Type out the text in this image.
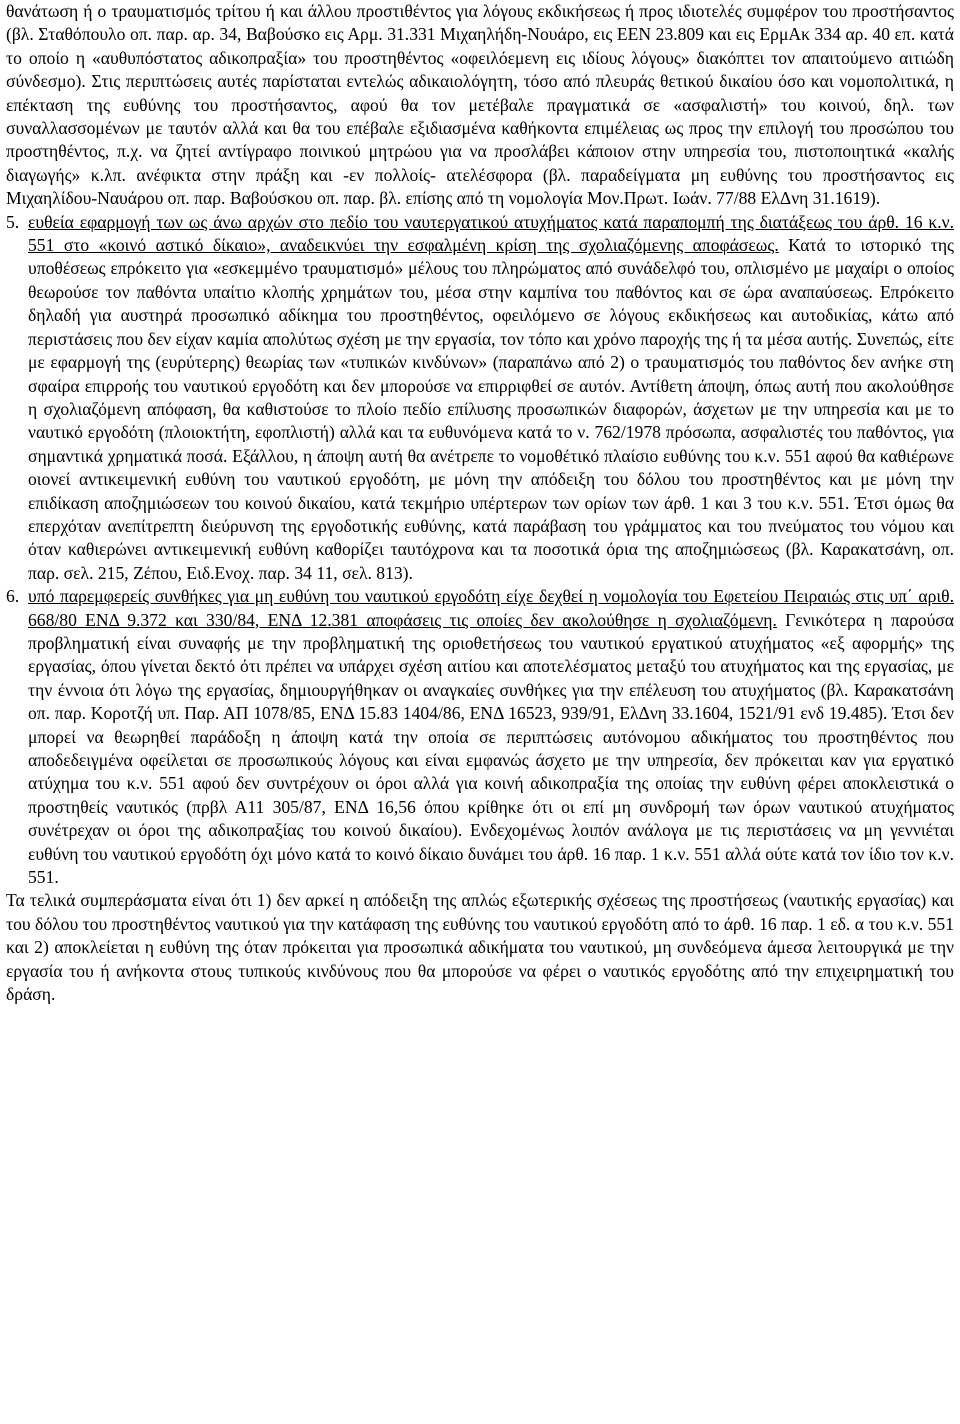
θανάτωση ή ο τραυματισμός τρίτου ή και άλλου προστιθέντος για λόγους εκδικήσεως ή προς ιδιοτελές συμφέρον του προστήσαντος (βλ. Σταθόπουλο οπ. παρ. αρ. 34, Βαβούσκο εις Αρμ. 31.331 Μιχαηλήδη-Νουάρο, εις ΕΕΝ 23.809 και εις ΕρμΑκ 334 αρ. 40 επ. κατά το οποίο η «αυθυπόστατος αδικοπραξία» του προστηθέντος «οφειλόεμενη εις ιδίους λόγους» διακόπτει τον απαιτούμενο αιτιώδη σύνδεσμο). Στις περιπτώσεις αυτές παρίσταται εντελώς αδικαιολόγητη, τόσο από πλευράς θετικού δικαίου όσο και νομοπολιτικά, η επέκταση της ευθύνης του προστήσαντος, αφού θα τον μετέβαλε πραγματικά σε «ασφαλιστή» του κοινού, δηλ. των συναλλασσομένων με ταυτόν αλλά και θα του επέβαλε εξιδιασμένα καθήκοντα επιμέλειας ως προς την επιλογή του προσώπου του προστηθέντος, π.χ. να ζητεί αντίγραφο ποινικού μητρώου για να προσλάβει κάποιον στην υπηρεσία του, πιστοποιητικά «καλής διαγωγής» κ.λπ. ανέφικτα στην πράξη και -εν πολλοίς- ατελέσφορα (βλ. παραδείγματα μη ευθύνης του προστήσαντος εις Μιχαηλίδου-Ναυάρου οπ. παρ. Βαβούσκου οπ. παρ. βλ. επίσης από τη νομολογία Μον.Πρωτ. Ιωάν. 77/88 ΕλΔνη 31.1619).

5. ευθεία εφαρμογή των ως άνω αρχών στο πεδίο του ναυτεργατικού ατυχήματος κατά παραπομπή της διατάξεως του άρθ. 16 κ.ν. 551 στο «κοινό αστικό δίκαιο», αναδεικνύει την εσφαλμένη κρίση της σχολιαζόμενης αποφάσεως. Κατά το ιστορικό της υποθέσεως επρόκειτο για «εσκεμμένο τραυματισμό» μέλους του πληρώματος από συνάδελφό του, οπλισμένο με μαχαίρι ο οποίος θεωρούσε τον παθόντα υπαίτιο κλοπής χρημάτων του, μέσα στην καμπίνα του παθόντος και σε ώρα αναπαύσεως. Επρόκειτο δηλαδή για αυστηρά προσωπικό αδίκημα του προστηθέντος, οφειλόμενο σε λόγους εκδικήσεως και αυτοδικίας, κάτω από περιστάσεις που δεν είχαν καμία απολύτως σχέση με την εργασία, τον τόπο και χρόνο παροχής της ή τα μέσα αυτής. Συνεπώς, είτε με εφαρμογή της (ευρύτερης) θεωρίας των «τυπικών κινδύνων» (παραπάνω από 2) ο τραυματισμός του παθόντος δεν ανήκε στη σφαίρα επιρροής του ναυτικού εργοδότη και δεν μπορούσε να επιρριφθεί σε αυτόν. Αντίθετη άποψη, όπως αυτή που ακολούθησε η σχολιαζόμενη απόφαση, θα καθιστούσε το πλοίο πεδίο επίλυσης προσωπικών διαφορών, άσχετων με την υπηρεσία και με το ναυτικό εργοδότη (πλοιοκτήτη, εφοπλιστή) αλλά και τα ευθυνόμενα κατά το ν. 762/1978 πρόσωπα, ασφαλιστές του παθόντος, για σημαντικά χρηματικά ποσά. Εξάλλου, η άποψη αυτή θα ανέτρεπε το νομοθέτικό πλαίσιο ευθύνης του κ.ν. 551 αφού θα καθιέρωνε οιονεί αντικειμενική ευθύνη του ναυτικού εργοδότη, με μόνη την απόδειξη του δόλου του προστηθέντος και με μόνη την επιδίκαση αποζημιώσεων του κοινού δικαίου, κατά τεκμήριο υπέρτερων των ορίων των άρθ. 1 και 3 του κ.ν. 551. Έτσι όμως θα επερχόταν ανεπίτρεπτη διεύρυνση της εργοδοτικής ευθύνης, κατά παράβαση του γράμματος και του πνεύματος του νόμου και όταν καθιερώνει αντικειμενική ευθύνη καθορίζει ταυτόχρονα και τα ποσοτικά όρια της αποζημιώσεως (βλ. Καρακατσάνη, οπ. παρ. σελ. 215, Ζέπου, Ειδ.Ενοχ. παρ. 34 11, σελ. 813).

6. υπό παρεμφερείς συνθήκες για μη ευθύνη του ναυτικού εργοδότη είχε δεχθεί η νομολογία του Εφετείου Πειραιώς στις υπ΄ αριθ. 668/80 ΕΝΔ 9.372 και 330/84, ΕΝΔ 12.381 αποφάσεις τις οποίες δεν ακολούθησε η σχολιαζόμενη. Γενικότερα η παρούσα προβληματική είναι συναφής με την προβληματική της οριοθετήσεως του ναυτικού εργατικού ατυχήματος «εξ αφορμής» της εργασίας, όπου γίνεται δεκτό ότι πρέπει να υπάρχει σχέση αιτίου και αποτελέσματος μεταξύ του ατυχήματος και της εργασίας, με την έννοια ότι λόγω της εργασίας, δημιουργήθηκαν οι αναγκαίες συνθήκες για την επέλευση του ατυχήματος (βλ. Καρακατσάνη οπ. παρ. Κοροτζή υπ. Παρ. ΑΠ 1078/85, ΕΝΔ 15.83 1404/86, ΕΝΔ 16523, 939/91, ΕλΔνη 33.1604, 1521/91 ενδ 19.485). Έτσι δεν μπορεί να θεωρηθεί παράδοξη η άποψη κατά την οποία σε περιπτώσεις αυτόνομου αδικήματος του προστηθέντος που αποδεδειγμένα οφείλεται σε προσωπικούς λόγους και είναι εμφανώς άσχετο με την υπηρεσία, δεν πρόκειται καν για εργατικό ατύχημα του κ.ν. 551 αφού δεν συντρέχουν οι όροι αλλά για κοινή αδικοπραξία της οποίας την ευθύνη φέρει αποκλειστικά ο προστηθείς ναυτικός (πρβλ Α11 305/87, ΕΝΔ 16,56 όπου κρίθηκε ότι οι επί μη συνδρομή των όρων ναυτικού ατυχήματος συνέτρεχαν οι όροι της αδικοπραξίας του κοινού δικαίου). Ενδεχομένως λοιπόν ανάλογα με τις περιστάσεις να μη γεννιέται ευθύνη του ναυτικού εργοδότη όχι μόνο κατά το κοινό δίκαιο δυνάμει του άρθ. 16 παρ. 1 κ.ν. 551 αλλά ούτε κατά τον ίδιο τον κ.ν. 551.

Τα τελικά συμπεράσματα είναι ότι 1) δεν αρκεί η απόδειξη της απλώς εξωτερικής σχέσεως της προστήσεως (ναυτικής εργασίας) και του δόλου του προστηθέντος ναυτικού για την κατάφαση της ευθύνης του ναυτικού εργοδότη από το άρθ. 16 παρ. 1 εδ. α του κ.ν. 551 και 2) αποκλείεται η ευθύνη της όταν πρόκειται για προσωπικά αδικήματα του ναυτικού, μη συνδεόμενα άμεσα λειτουργικά με την εργασία του ή ανήκοντα στους τυπικούς κινδύνους που θα μπορούσε να φέρει ο ναυτικός εργοδότης από την επιχειρηματική του δράση.
